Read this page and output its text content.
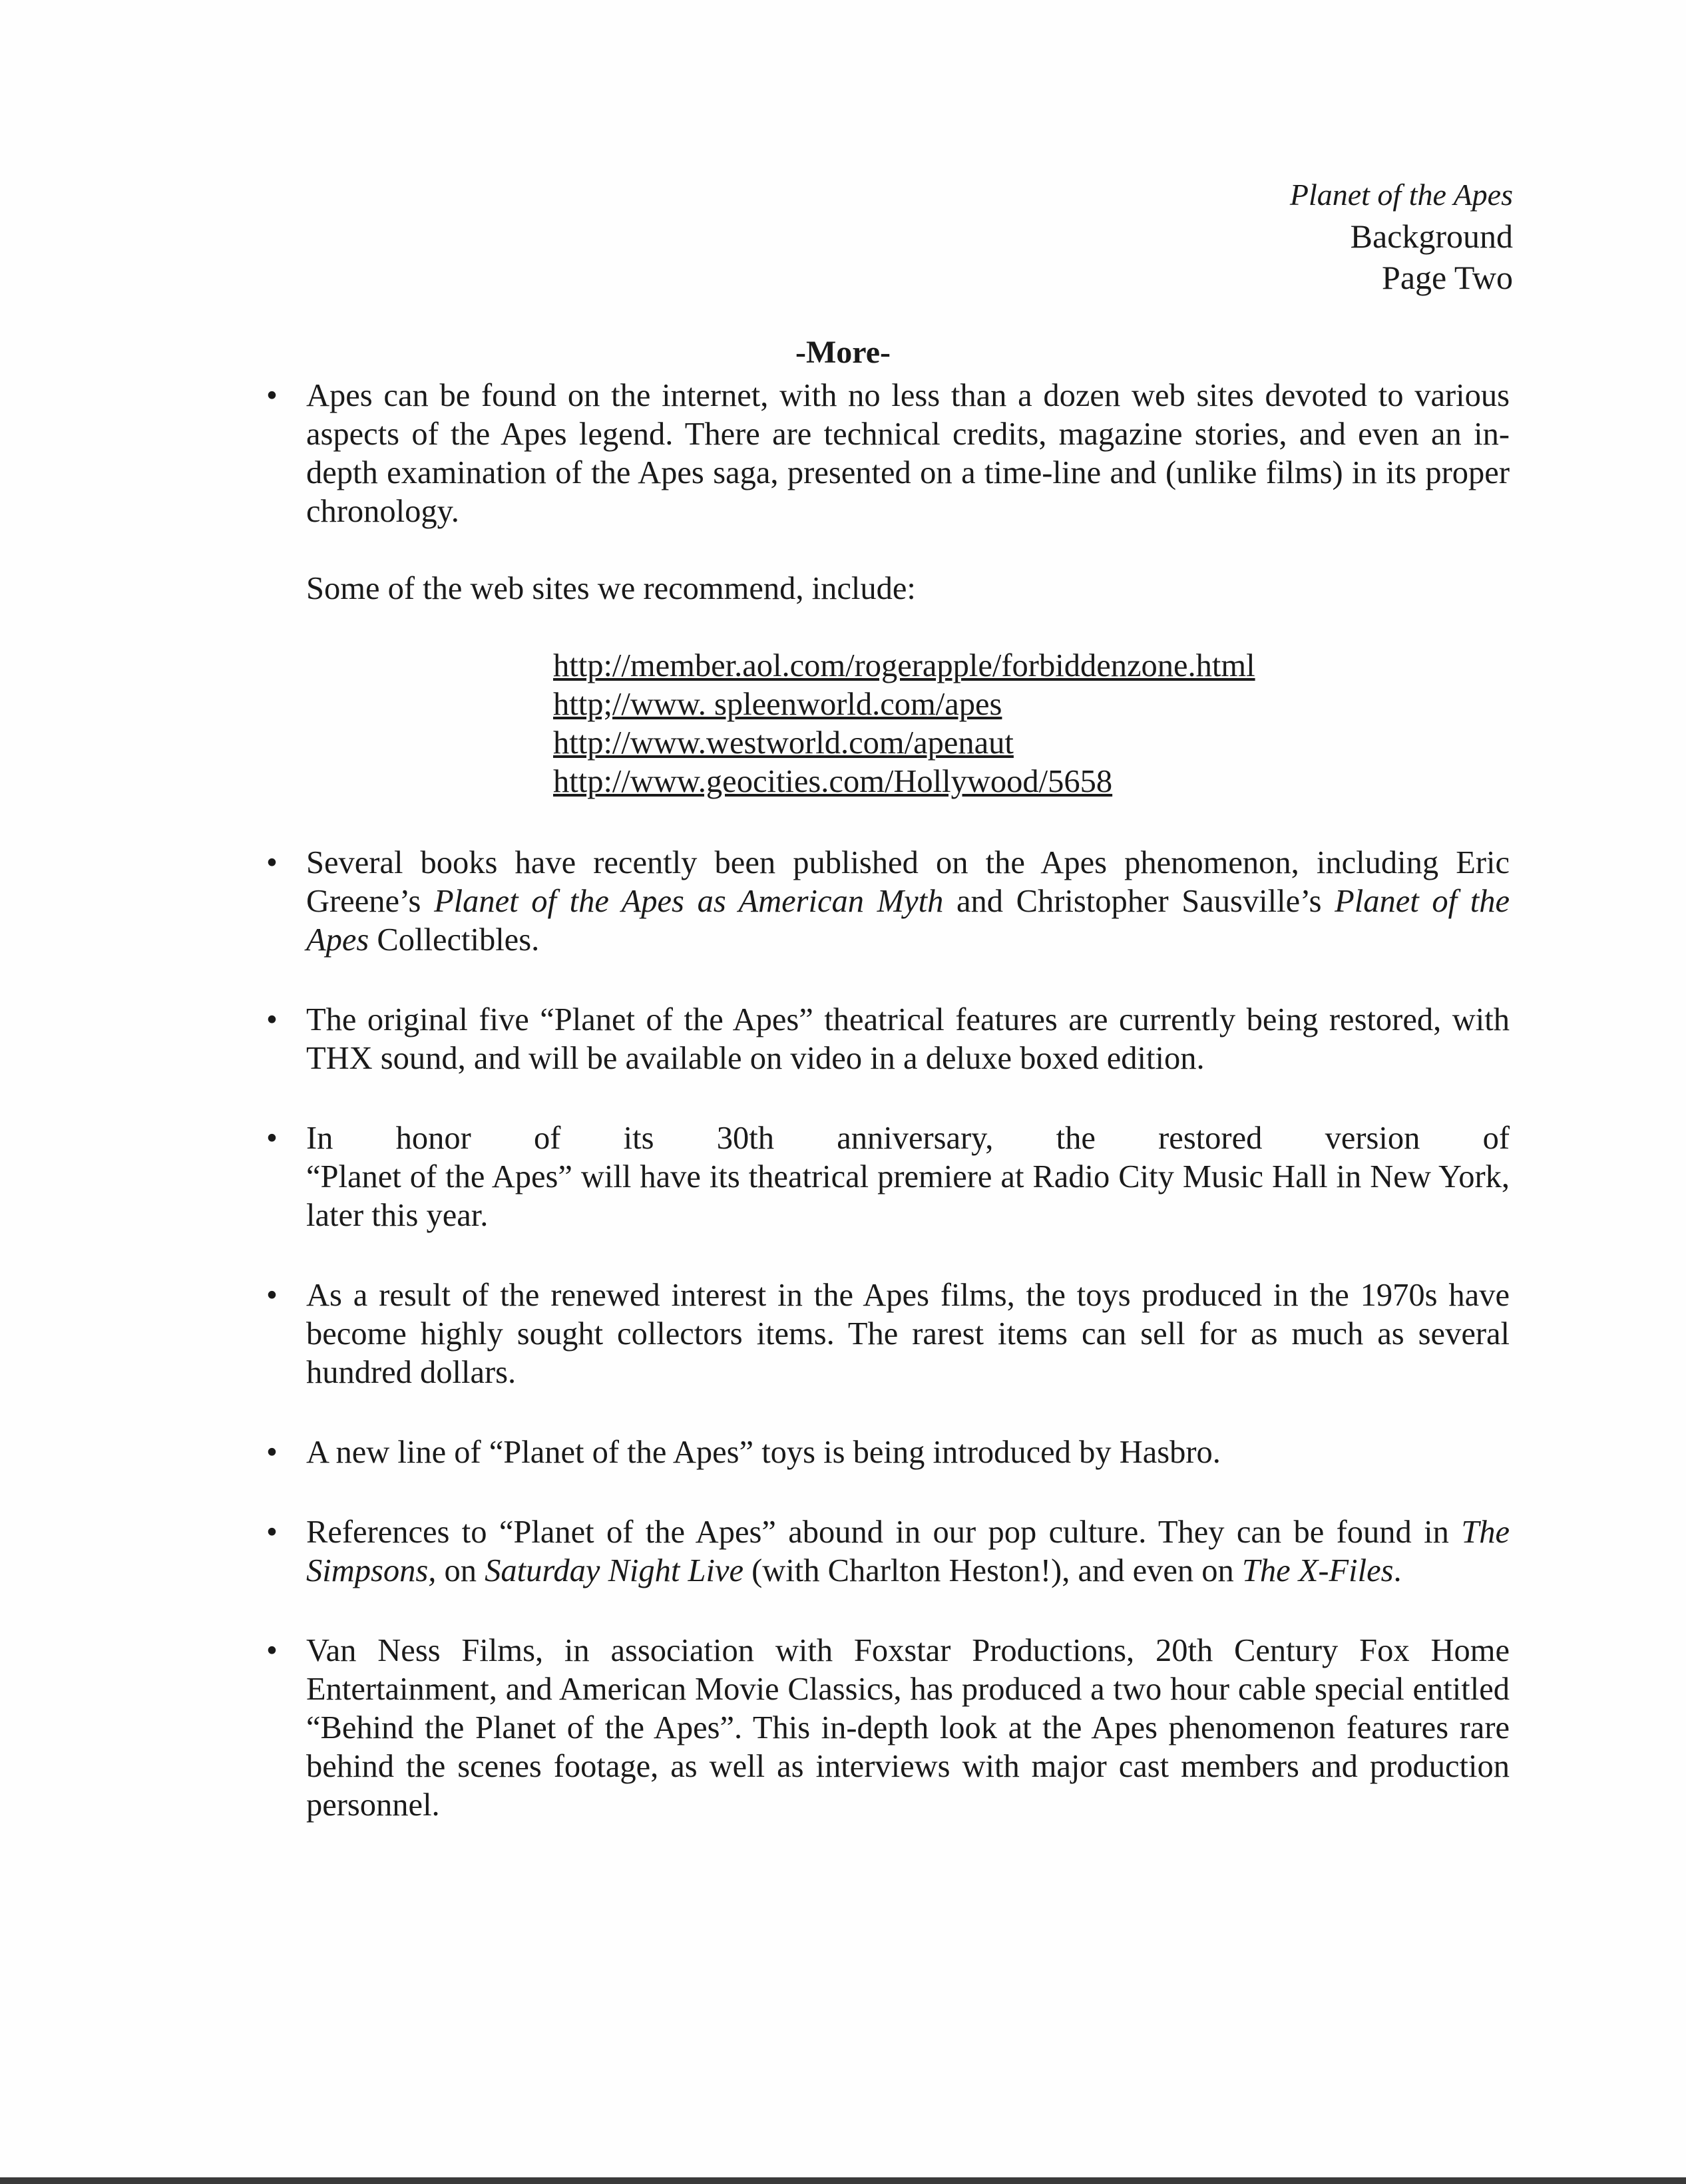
Planet of the Apes
Background
Page Two
-More-
• Apes can be found on the internet, with no less than a dozen web sites devoted to various aspects of the Apes legend. There are technical credits, magazine stories, and even an in-depth examination of the Apes saga, presented on a time-line and (unlike films) in its proper chronology.
Some of the web sites we recommend, include:
http://member.aol.com/rogerapple/forbiddenzone.html
http;//www. spleenworld.com/apes
http://www.westworld.com/apenaut
http://www.geocities.com/Hollywood/5658
• Several books have recently been published on the Apes phenomenon, including Eric Greene’s Planet of the Apes as American Myth and Christopher Sausville’s Planet of the Apes Collectibles.
• The original five “Planet of the Apes” theatrical features are currently being restored, with THX sound, and will be available on video in a deluxe boxed edition.
• In honor of its 30th anniversary, the restored version of
“Planet of the Apes” will have its theatrical premiere at Radio City Music Hall in New York, later this year.
• As a result of the renewed interest in the Apes films, the toys produced in the 1970s have become highly sought collectors items. The rarest items can sell for as much as several hundred dollars.
• A new line of “Planet of the Apes” toys is being introduced by Hasbro.
• References to “Planet of the Apes” abound in our pop culture. They can be found in The Simpsons, on Saturday Night Live (with Charlton Heston!), and even on The X-Files.
• Van Ness Films, in association with Foxstar Productions, 20th Century Fox Home Entertainment, and American Movie Classics, has produced a two hour cable special entitled “Behind the Planet of the Apes”. This in-depth look at the Apes phenomenon features rare behind the scenes footage, as well as interviews with major cast members and production personnel.
